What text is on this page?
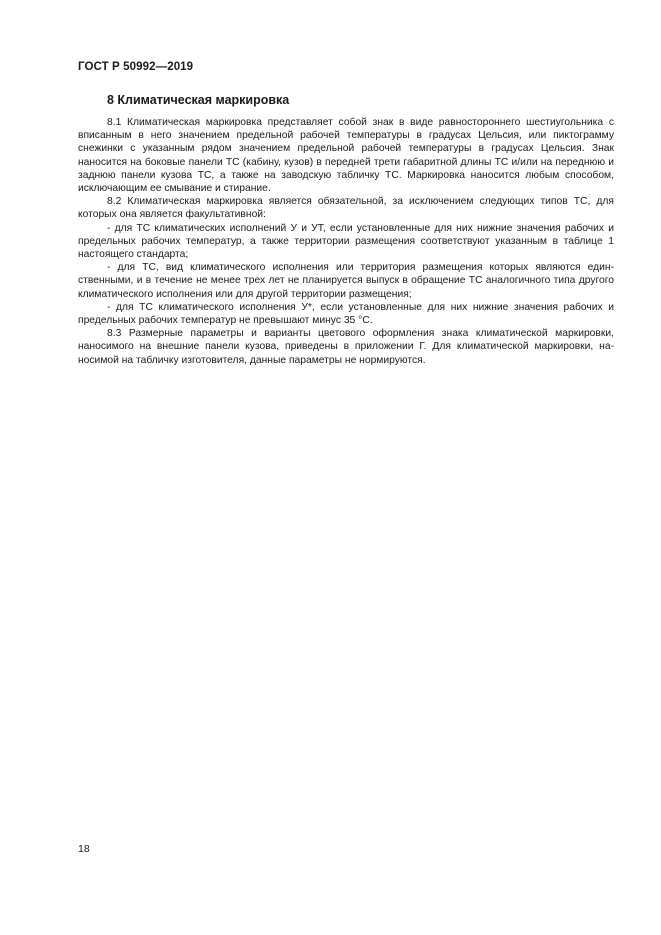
ГОСТ Р 50992—2019
8 Климатическая маркировка

8.1 Климатическая маркировка представляет собой знак в виде равностороннего шестиугольника с вписанным в него значением предельной рабочей температуры в градусах Цельсия, или пиктограмму снежинки с указанным рядом значением предельной рабочей температуры в градусах Цельсия. Знак наносится на боковые панели ТС (кабину, кузов) в передней трети габаритной длины ТС и/или на переднюю и заднюю панели кузова ТС, а также на заводскую табличку ТС. Маркировка наносится любым способом, исключающим ее смывание и стирание.

8.2 Климатическая маркировка является обязательной, за исключением следующих типов ТС, для которых она является факультативной:

- для ТС климатических исполнений У и УТ, если установленные для них нижние значения рабочих и предельных рабочих температур, а также территории размещения соответствуют указанным в таблице 1 настоящего стандарта;

- для ТС, вид климатического исполнения или территория размещения которых являются единственными, и в течение не менее трех лет не планируется выпуск в обращение ТС аналогичного типа другого климатического исполнения или для другой территории размещения;

- для ТС климатического исполнения У*, если установленные для них нижние значения рабочих и предельных рабочих температур не превышают минус 35 °С.

8.3 Размерные параметры и варианты цветового оформления знака климатической маркировки, наносимого на внешние панели кузова, приведены в приложении Г. Для климатической маркировки, наносимой на табличку изготовителя, данные параметры не нормируются.

18
